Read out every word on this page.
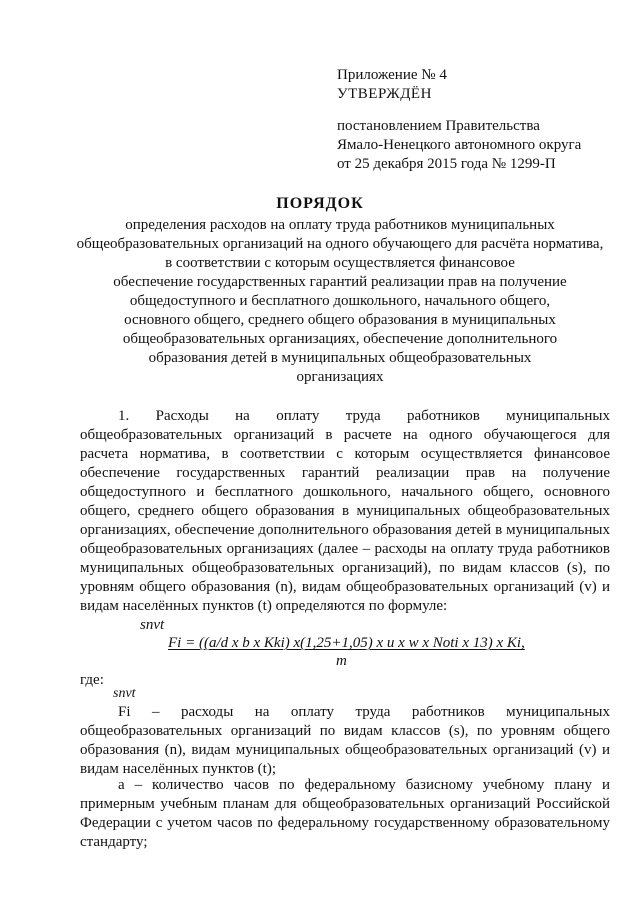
Приложение № 4
УТВЕРЖДЁН
постановлением Правительства
Ямало-Ненецкого автономного округа
от 25 декабря 2015 года № 1299-П
ПОРЯДОК
определения расходов на оплату труда работников муниципальных
общеобразовательных организаций на одного обучающего для расчёта норматива,
в соответствии с которым осуществляется финансовое
обеспечение государственных гарантий реализации прав на получение
общедоступного и бесплатного дошкольного, начального общего,
основного общего, среднего общего образования в муниципальных
общеобразовательных организациях, обеспечение дополнительного
образования детей в муниципальных общеобразовательных
организациях
1. Расходы на оплату труда работников муниципальных
общеобразовательных организаций в расчете на одного обучающегося для
расчета норматива, в соответствии с которым осуществляется финансовое
обеспечение государственных гарантий реализации прав на получение
общедоступного и бесплатного дошкольного, начального общего, основного
общего, среднего общего образования в муниципальных общеобразовательных
организациях, обеспечение дополнительного образования детей в муниципальных
общеобразовательных организациях (далее – расходы на оплату труда работников
муниципальных общеобразовательных организаций), по видам классов (s), по
уровням общего образования (n), видам общеобразовательных организаций (v) и
видам населённых пунктов (t) определяются по формуле:
snvt
Fi = ((a/d x b x Kki) x(1,25+1,05) x u x w x Noti x 13) x Ki,
m
где:
snvt
Fi – расходы на оплату труда работников муниципальных
общеобразовательных организаций по видам классов (s), по уровням общего
образования (n), видам муниципальных общеобразовательных организаций (v) и
видам населённых пунктов (t);
а – количество часов по федеральному базисному учебному плану и
примерным учебным планам для общеобразовательных организаций Российской
Федерации с учетом часов по федеральному государственному образовательному
стандарту;
